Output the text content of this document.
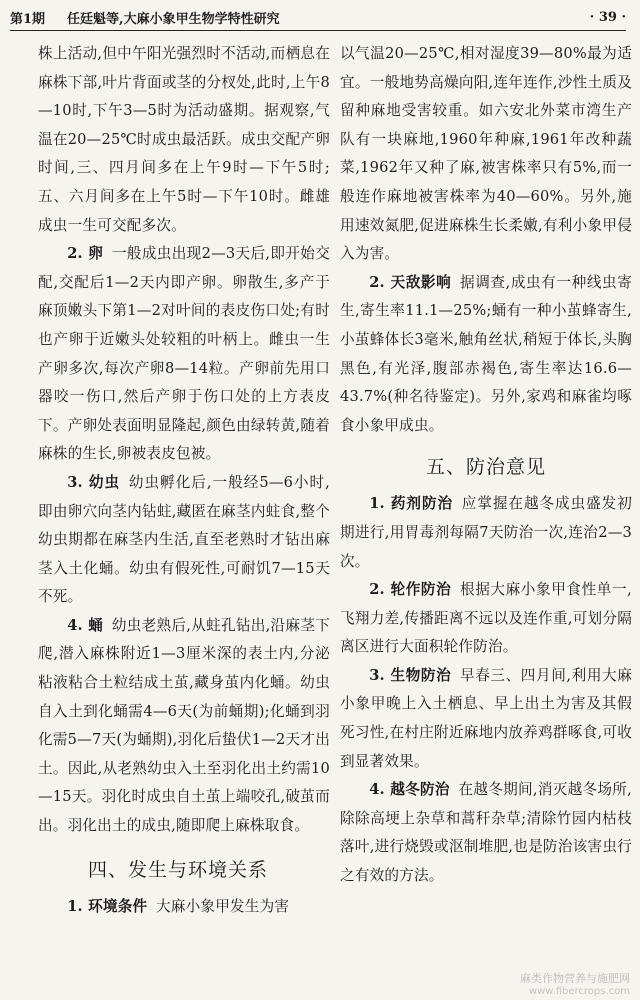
第1期 任廷魁等,大麻小象甲生物学特性研究	· 39 ·

株上活动,但中午阳光强烈时不活动,而栖息在麻株下部,叶片背面或茎的分杈处,此时,上午8—10时,下午3—5时为活动盛期。据观察,气温在20—25℃时成虫最活跃。成虫交配产卵时间,三、四月间多在上午9时—下午5时;五、六月间多在上午5时—下午10时。雌雄成虫一生可交配多次。

2. 卵 一般成虫出现2—3天后,即开始交配,交配后1—2天内即产卵。卵散生,多产于麻顶嫩头下第1—2对叶间的表皮伤口处;有时也产卵于近嫩头处较粗的叶柄上。雌虫一生产卵多次,每次产卵8—14粒。产卵前先用口器咬一伤口,然后产卵于伤口处的上方表皮下。产卵处表面明显隆起,颜色由绿转黄,随着麻株的生长,卵被表皮包被。

3. 幼虫 幼虫孵化后,一般经5—6小时,即由卵穴向茎内钻蛀,藏匿在麻茎内蛀食,整个幼虫期都在麻茎内生活,直至老熟时才钻出麻茎入土化蛹。幼虫有假死性,可耐饥7—15天不死。

4. 蛹 幼虫老熟后,从蛀孔钻出,沿麻茎下爬,潜入麻株附近1—3厘米深的表土内,分泌粘液粘合土粒结成土茧,藏身茧内化蛹。幼虫自入土到化蛹需4—6天(为前蛹期);化蛹到羽化需5—7天(为蛹期),羽化后蛰伏1—2天才出土。因此,从老熟幼虫入土至羽化出土约需10—15天。羽化时成虫自土茧上端咬孔,破茧而出。羽化出土的成虫,随即爬上麻株取食。

四、发生与环境关系

1. 环境条件 大麻小象甲发生为害

以气温20—25℃,相对湿度39—80%最为适宜。一般地势高燥向阳,连年连作,沙性土质及留种麻地受害较重。如六安北外菜市湾生产队有一块麻地,1960年种麻,1961年改种蔬菜,1962年又种了麻,被害株率只有5%,而一般连作麻地被害株率为40—60%。另外,施用速效氮肥,促进麻株生长柔嫩,有利小象甲侵入为害。

2. 天敌影响 据调查,成虫有一种线虫寄生,寄生率11.1—25%;蛹有一种小茧蜂寄生,小茧蜂体长3毫米,触角丝状,稍短于体长,头胸黑色,有光泽,腹部赤褐色,寄生率达16.6—43.7%(种名待鉴定)。另外,家鸡和麻雀均啄食小象甲成虫。

五、防治意见

1. 药剂防治 应掌握在越冬成虫盛发初期进行,用胃毒剂每隔7天防治一次,连治2—3次。

2. 轮作防治 根据大麻小象甲食性单一,飞翔力差,传播距离不远以及连作重,可划分隔离区进行大面积轮作防治。

3. 生物防治 早春三、四月间,利用大麻小象甲晚上入土栖息、早上出土为害及其假死习性,在村庄附近麻地内放养鸡群啄食,可收到显著效果。

4. 越冬防治 在越冬期间,消灭越冬场所,除除高埂上杂草和蒿秆杂草;清除竹园内枯枝落叶,进行烧毁或沤制堆肥,也是防治该害虫行之有效的方法。

麻类作物营养与施肥网
www.fibercrops.com
